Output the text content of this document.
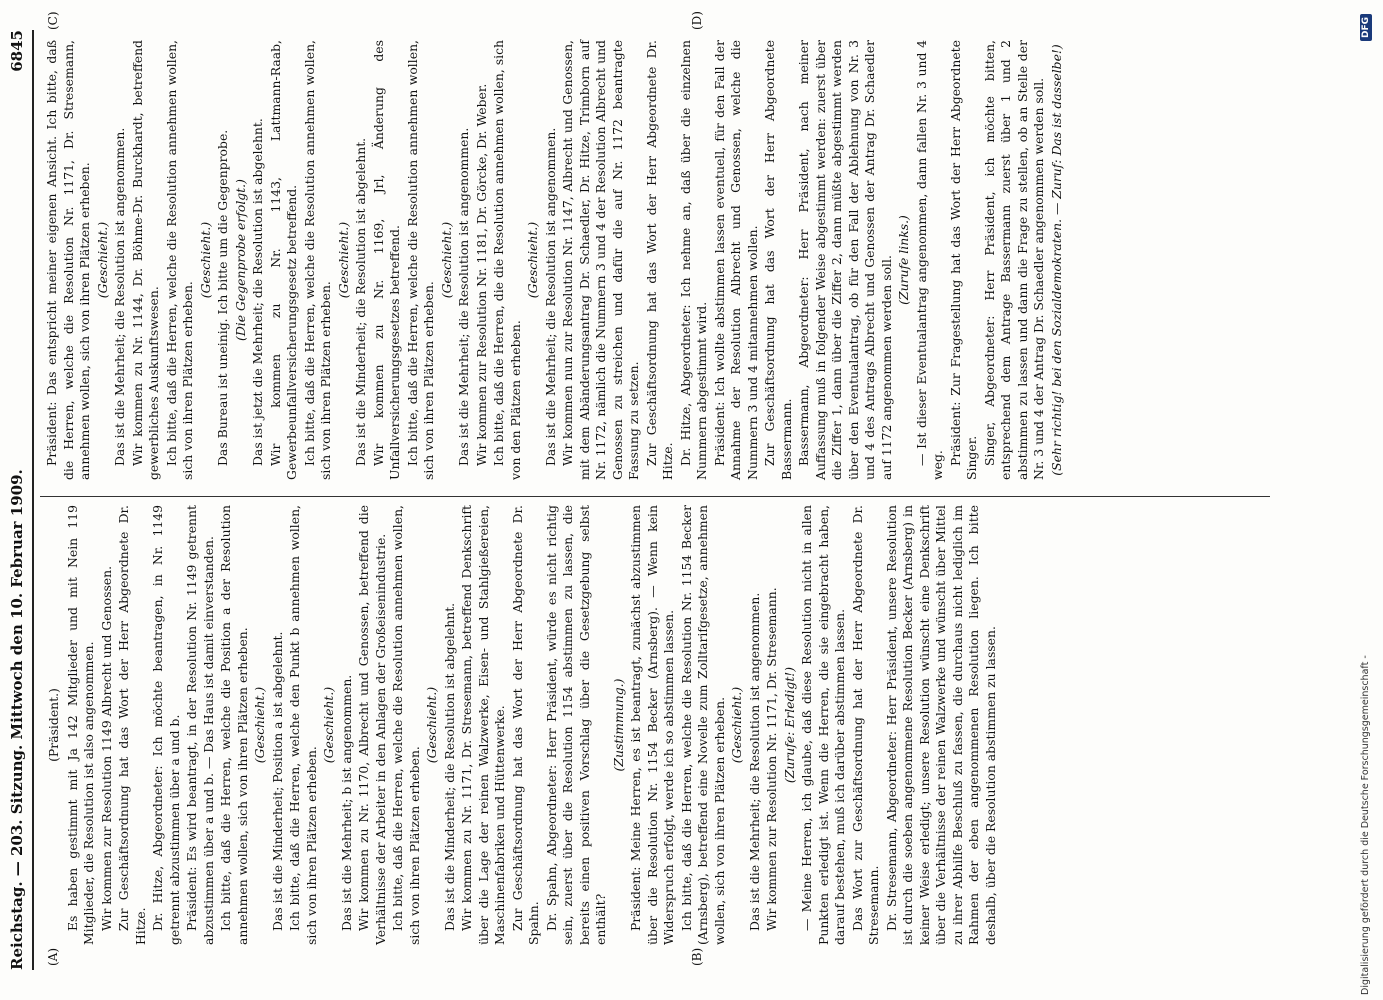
Reichstag. — 203. Sitzung. Mittwoch den 10. Februar 1909.
6845
(A)	(B)
(C)	(D)

(Präsident.) Es haben gestimmt mit Ja 142 Mitglieder und mit Nein 119 Mitglieder, die Resolution ist also angenommen. Wir kommen zur Resolution 1149 Albrecht und Genossen. Zur Geschäftsordnung hat das Wort der Herr Abgeordnete Dr. Hitze. Dr. Hitze, Abgeordneter: Ich möchte beantragen, in Nr. 1149 getrennt abzustimmen über a und b. Präsident: Es wird beantragt, in der Resolution Nr. 1149 getrennt abzustimmen über a und b. — Das Haus ist damit einverstanden. Ich bitte, daß die Herren, welche die Position a der Resolution annehmen wollen, sich von ihren Plätzen erheben. (Geschieht.) Das ist die Minderheit; Position a ist abgelehnt. Ich bitte, daß die Herren, welche den Punkt b annehmen wollen, sich von ihren Plätzen erheben.

(Geschieht.) Das ist die Mehrheit; b ist angenommen. Wir kommen zu Nr. 1170, Albrecht und Genossen, betreffend die Verhältnisse der Arbeiter in den Anlagen der Großeisenindustrie. Ich bitte, daß die Herren, welche die Resolution annehmen wollen, sich von ihren Plätzen erheben.

(Geschieht.) Das ist die Minderheit; die Resolution ist abgelehnt. Wir kommen zu Nr. 1171, Dr. Stresemann, betreffend Denkschrift über die Lage der reinen Walzwerke, Eisen- und Stahlgießereien, Maschinenfabriken und Hüttenwerke. Zur Geschäftsordnung hat das Wort der Herr Abgeordnete Dr. Spahn. Dr. Spahn, Abgeordneter: Herr Präsident, würde es nicht richtig sein, zuerst über die Resolution 1154 abstimmen zu lassen, die bereits einen positiven Vorschlag über die Gesetzgebung selbst enthält?

(Zustimmung.) Präsident: Meine Herren, es ist beantragt, zunächst abzustimmen über die Resolution Nr. 1154 Becker (Arnsberg). — Wenn kein Widerspruch erfolgt, werde ich so abstimmen lassen. Ich bitte, daß die Herren, welche die Resolution Nr. 1154 Becker (Arnsberg), betreffend eine Novelle zum Zolltarifgesetze, annehmen wollen, sich von ihren Plätzen erheben. (Geschieht.) Das ist die Mehrheit; die Resolution ist angenommen. Wir kommen zur Resolution Nr. 1171, Dr. Stresemann. (Zurufe: Erledigt!) — Meine Herren, ich glaube, daß diese Resolution nicht in allen Punkten erledigt ist. Wenn die Herren, die sie eingebracht haben, darauf bestehen, muß ich darüber abstimmen lassen. Das Wort zur Geschäftsordnung hat der Herr Abgeordnete Dr. Stresemann. Dr. Stresemann, Abgeordneter: Herr Präsident, unsere Resolution ist durch die soeben angenommene Resolution Becker (Arnsberg) in keiner Weise erledigt; unsere Resolution wünscht eine Denkschrift über die Verhältnisse der reinen Walzwerke und wünscht über Mittel zu ihrer Abhilfe Beschluß zu fassen, die durchaus nicht lediglich im Rahmen der eben angenommenen Resolution liegen. Ich bitte deshalb, über die Resolution abstimmen zu lassen.

Präsident: Das entspricht meiner eigenen Ansicht. Ich bitte, daß die Herren, welche die Resolution Nr. 1171, Dr. Stresemann, annehmen wollen, sich von ihren Plätzen erheben. (Geschieht.) Das ist die Mehrheit; die Resolution ist angenommen. Wir kommen zu Nr. 1144, Dr. Böhme-Dr. Burckhardt, betreffend gewerbliches Auskunftswesen. Ich bitte, daß die Herren, welche die Resolution annehmen wollen, sich von ihren Plätzen erheben.

(Geschieht.) Das Bureau ist uneinig. Ich bitte um die Gegenprobe. (Die Gegenprobe erfolgt.) Das ist jetzt die Mehrheit; die Resolution ist abgelehnt. Wir kommen zu Nr. 1143, Lattmann-Raab, Gewerbeunfallversicherungsgesetz betreffend. Ich bitte, daß die Herren, welche die Resolution annehmen wollen, sich von ihren Plätzen erheben.

(Geschieht.) Das ist die Minderheit; die Resolution ist abgelehnt. Wir kommen zu Nr. 1169, Jrl, Änderung des Unfallversicherungsgesetzes betreffend. Ich bitte, daß die Herren, welche die Resolution annehmen wollen, sich von ihren Plätzen erheben.

(Geschieht.) Das ist die Mehrheit; die Resolution ist angenommen. Wir kommen zur Resolution Nr. 1181, Dr. Görcke, Dr. Weber. Ich bitte, daß die Herren, die die Resolution annehmen wollen, sich von den Plätzen erheben.

(Geschieht.) Das ist die Mehrheit; die Resolution ist angenommen. Wir kommen nun zur Resolution Nr. 1147, Albrecht und Genossen, mit dem Abänderungsantrag Dr. Schaedler, Dr. Hitze, Trimborn auf Nr. 1172, nämlich die Nummern 3 und 4 der Resolution Albrecht und Genossen zu streichen und dafür die auf Nr. 1172 beantragte Fassung zu setzen. Zur Geschäftsordnung hat das Wort der Herr Abgeordnete Dr. Hitze. Dr. Hitze, Abgeordneter: Ich nehme an, daß über die einzelnen Nummern abgestimmt wird. Präsident: Ich wollte abstimmen lassen eventuell, für den Fall der Annahme der Resolution Albrecht und Genossen, welche die Nummern 3 und 4 mitannehmen wollen. Zur Geschäftsordnung hat das Wort der Herr Abgeordnete Bassermann. Bassermann, Abgeordneter: Herr Präsident, nach meiner Auffassung muß in folgender Weise abgestimmt werden: zuerst über die Ziffer 1, dann über die Ziffer 2, dann müßte abgestimmt werden über den Eventualantrag, ob für den Fall der Ablehnung von Nr. 3 und 4 des Antrags Albrecht und Genossen der Antrag Dr. Schaedler auf 1172 angenommen werden soll. (Zurufe links.) — Ist dieser Eventualantrag angenommen, dann fallen Nr. 3 und 4 weg. Präsident: Zur Fragestellung hat das Wort der Herr Abgeordnete Singer. Singer, Abgeordneter: Herr Präsident, ich möchte bitten, entsprechend dem Antrage Bassermann zuerst über 1 und 2 abstimmen zu lassen und dann die Frage zu stellen, ob an Stelle der Nr. 3 und 4 der Antrag Dr. Schaedler angenommen werden soll. (Sehr richtig! bei den Sozialdemokraten. — Zuruf: Das ist dasselbe!)

Digitalisierung gefördert durch die Deutsche Forschungsgemeinschaft -
DFG
